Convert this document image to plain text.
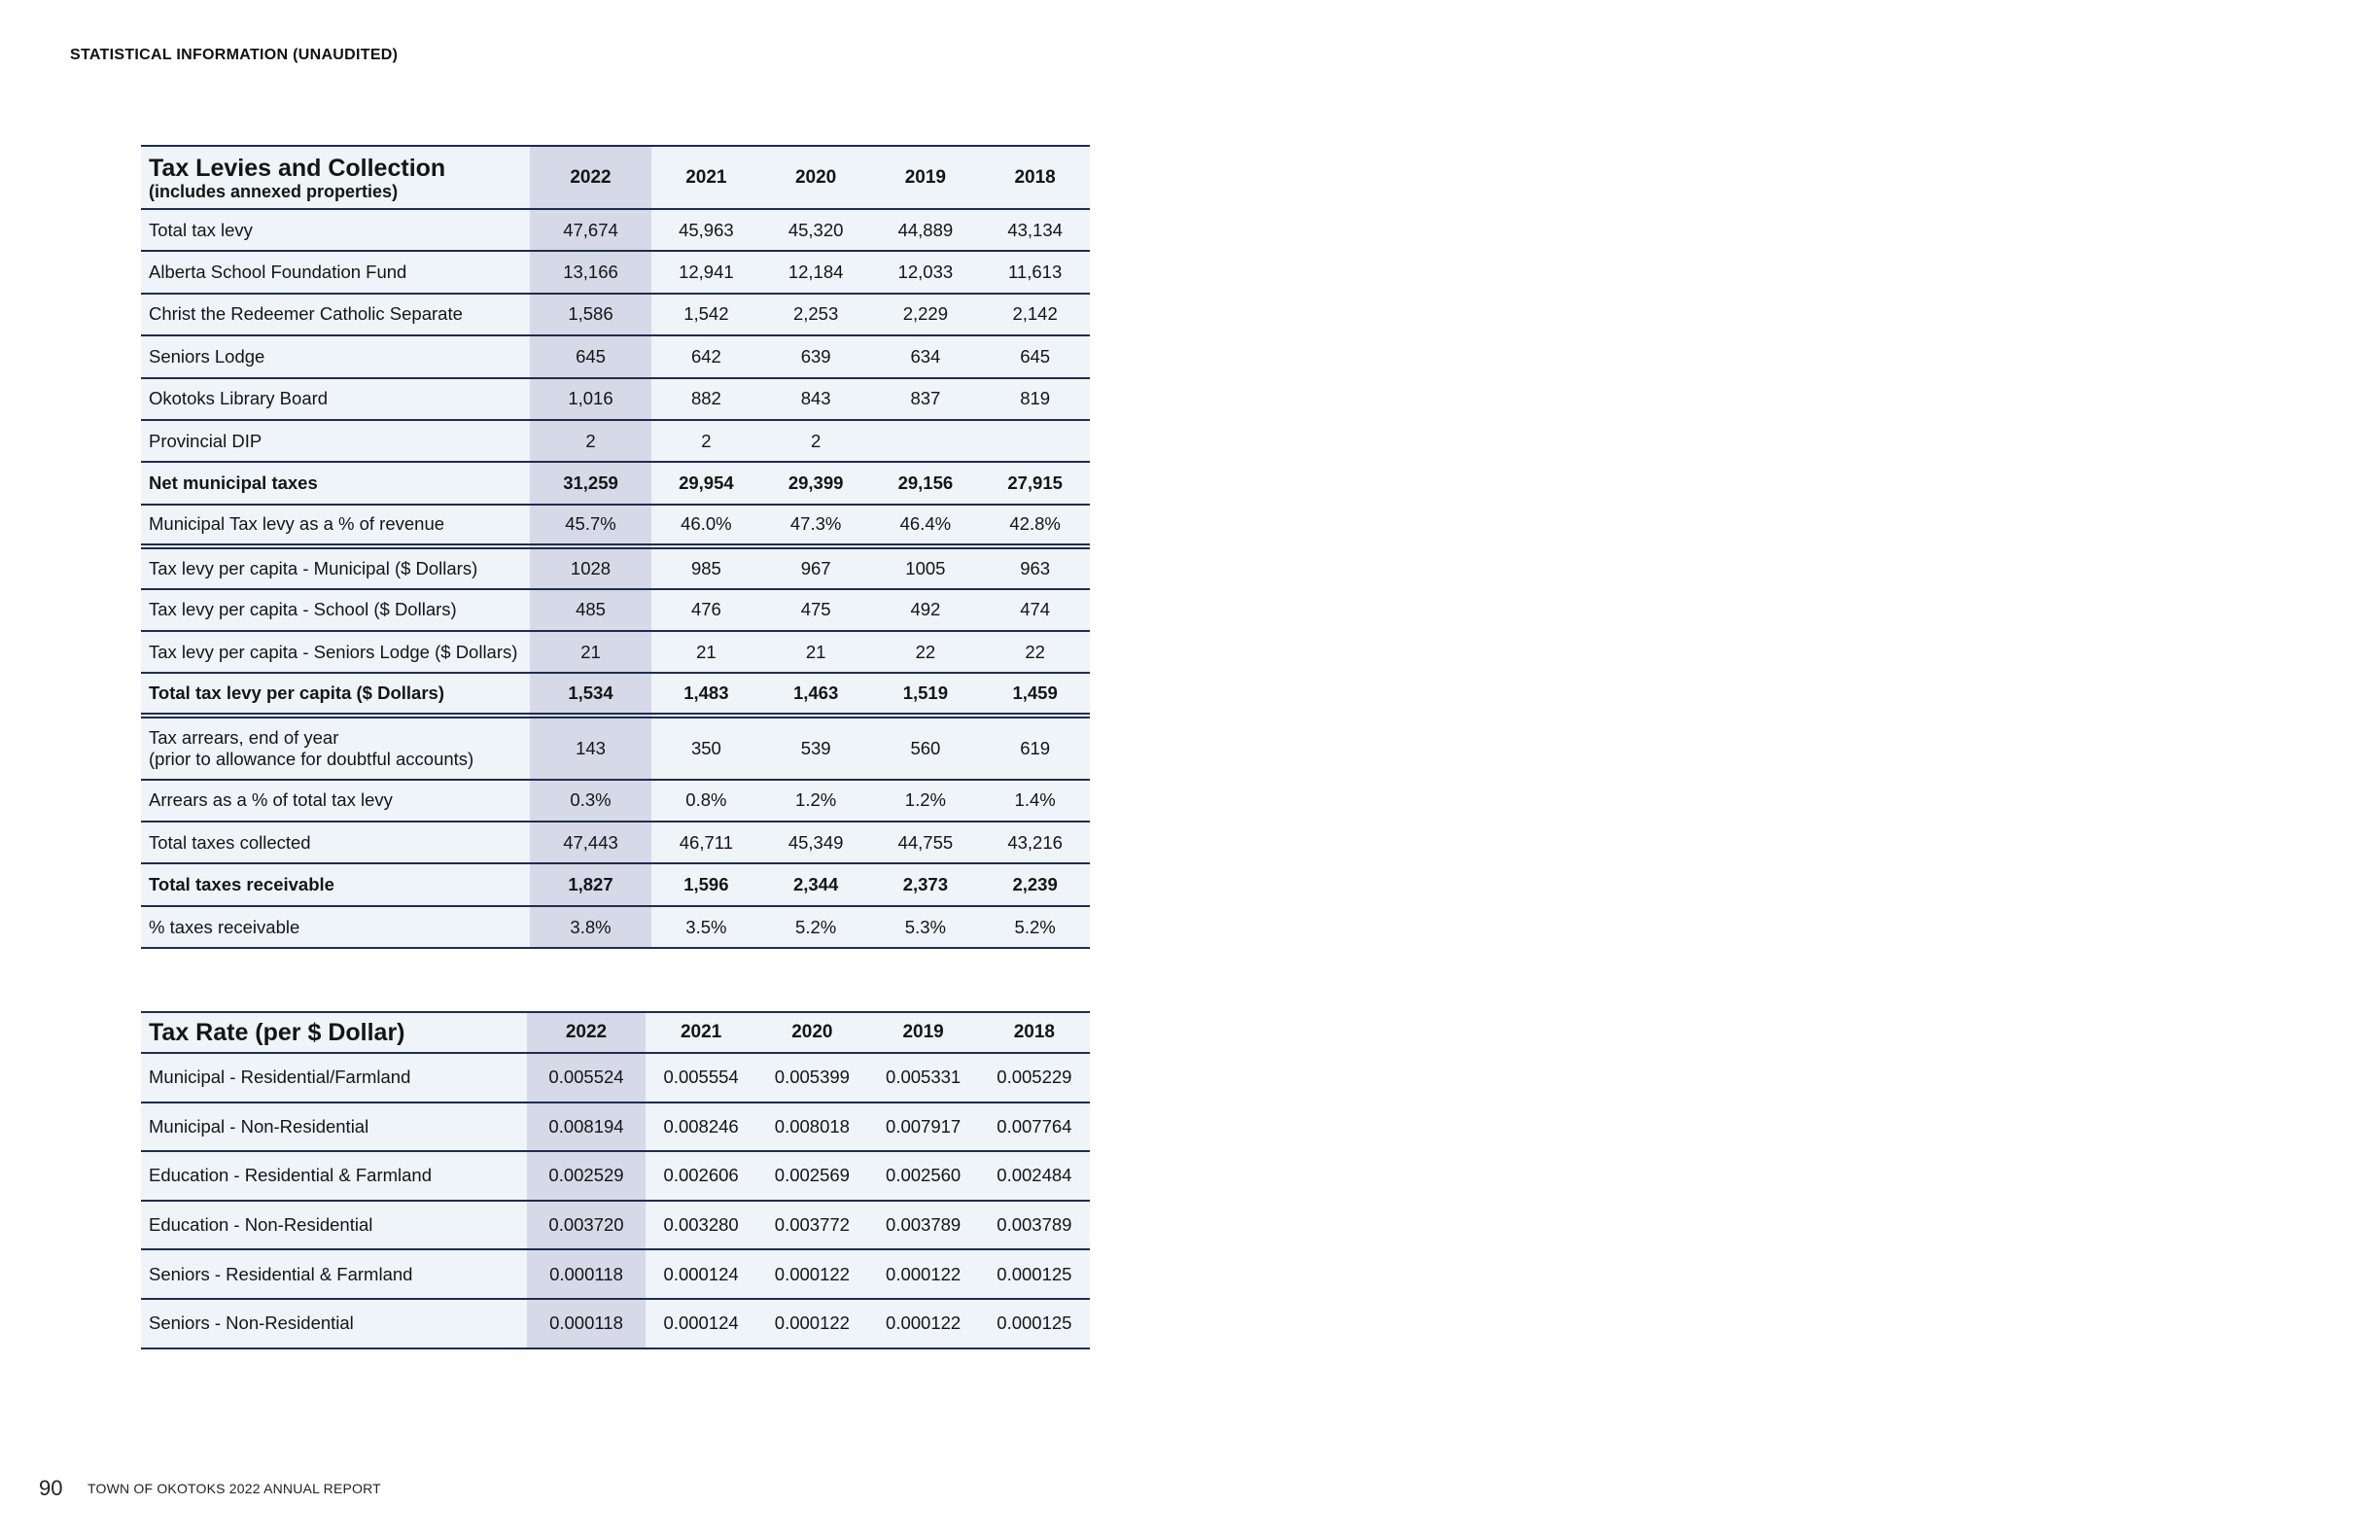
STATISTICAL INFORMATION (UNAUDITED)
Tax Levies and Collection
(includes annexed properties)	2022	2021	2020	2019	2018

Total tax levy	47,674	45,963	45,320	44,889	43,134

Alberta School Foundation Fund	13,166	12,941	12,184	12,033	11,613

Christ the Redeemer Catholic Separate	1,586	1,542	2,253	2,229	2,142

Seniors Lodge	645	642	639	634	645

Okotoks Library Board	1,016	882	843	837	819

Provincial DIP	2	2	2		

Net municipal taxes	31,259	29,954	29,399	29,156	27,915

Municipal Tax levy as a % of revenue	45.7%	46.0%	47.3%	46.4%	42.8%

Tax levy per capita - Municipal ($ Dollars)	1028	985	967	1005	963

Tax levy per capita - School ($ Dollars)	485	476	475	492	474

Tax levy per capita - Seniors Lodge ($ Dollars)	21	21	21	22	22

Total tax levy per capita ($ Dollars)	1,534	1,483	1,463	1,519	1,459

Tax arrears, end of year
(prior to allowance for doubtful accounts)	143	350	539	560	619

Arrears as a % of total tax levy	0.3%	0.8%	1.2%	1.2%	1.4%

Total taxes collected	47,443	46,711	45,349	44,755	43,216

Total taxes receivable	1,827	1,596	2,344	2,373	2,239

% taxes receivable	3.8%	3.5%	5.2%	5.3%	5.2%
Tax Rate (per $ Dollar)	2022	2021	2020	2019	2018

Municipal - Residential/Farmland	0.005524	0.005554	0.005399	0.005331	0.005229

Municipal - Non-Residential	0.008194	0.008246	0.008018	0.007917	0.007764

Education - Residential & Farmland	0.002529	0.002606	0.002569	0.002560	0.002484

Education - Non-Residential	0.003720	0.003280	0.003772	0.003789	0.003789

Seniors - Residential & Farmland	0.000118	0.000124	0.000122	0.000122	0.000125

Seniors - Non-Residential	0.000118	0.000124	0.000122	0.000122	0.000125
90 TOWN OF OKOTOKS 2022 ANNUAL REPORT
